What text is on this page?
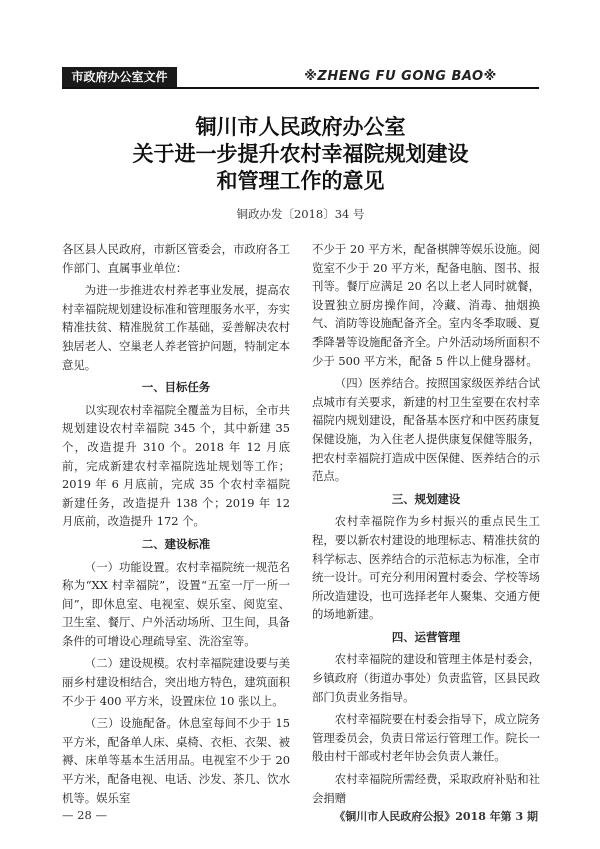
市政府办公室文件	※ZHENG FU GONG BAO※
铜川市人民政府办公室
关于进一步提升农村幸福院规划建设
和管理工作的意见
铜政办发〔2018〕34 号

各区县人民政府，市新区管委会，市政府各工作部门、直属事业单位：

为进一步推进农村养老事业发展，提高农村幸福院规划建设标准和管理服务水平，夯实精准扶贫、精准脱贫工作基础，妥善解决农村独居老人、空巢老人养老管护问题，特制定本意见。

一、目标任务

以实现农村幸福院全覆盖为目标，全市共规划建设农村幸福院 345 个，其中新建 35 个，改造提升 310 个。2018 年 12 月底前，完成新建农村幸福院选址规划等工作；2019 年 6 月底前，完成 35 个农村幸福院新建任务，改造提升 138 个；2019 年 12 月底前，改造提升 172 个。

二、建设标准

（一）功能设置。农村幸福院统一规范名称为“XX 村幸福院”，设置“五室一厅一所一间”，即休息室、电视室、娱乐室、阅览室、卫生室、餐厅、户外活动场所、卫生间，具备条件的可增设心理疏导室、洗浴室等。

（二）建设规模。农村幸福院建设要与美丽乡村建设相结合，突出地方特色，建筑面积不少于 400 平方米，设置床位 10 张以上。

（三）设施配备。休息室每间不少于 15 平方米，配备单人床、桌椅、衣柜、衣架、被褥、床单等基本生活用品。电视室不少于 20 平方米，配备电视、电话、沙发、茶几、饮水机等。娱乐室

不少于 20 平方米，配备棋牌等娱乐设施。阅览室不少于 20 平方米，配备电脑、图书、报刊等。餐厅应满足 20 名以上老人同时就餐，设置独立厨房操作间，冷藏、消毒、抽烟换气、消防等设施配备齐全。室内冬季取暖、夏季降暑等设施配备齐全。户外活动场所面积不少于 500 平方米，配备 5 件以上健身器材。

（四）医养结合。按照国家级医养结合试点城市有关要求，新建的村卫生室要在农村幸福院内规划建设，配备基本医疗和中医药康复保健设施，为入住老人提供康复保健等服务，把农村幸福院打造成中医保健、医养结合的示范点。

三、规划建设

农村幸福院作为乡村振兴的重点民生工程，要以新农村建设的地理标志、精准扶贫的科学标志、医养结合的示范标志为标准，全市统一设计。可充分利用闲置村委会、学校等场所改造建设，也可选择老年人聚集、交通方便的场地新建。

四、运营管理

农村幸福院的建设和管理主体是村委会，乡镇政府（街道办事处）负责监管，区县民政部门负责业务指导。

农村幸福院要在村委会指导下，成立院务管理委员会，负责日常运行管理工作。院长一般由村干部或村老年协会负责人兼任。

农村幸福院所需经费，采取政府补贴和社会捐赠

— 28 —	《铜川市人民政府公报》2018 年第 3 期
